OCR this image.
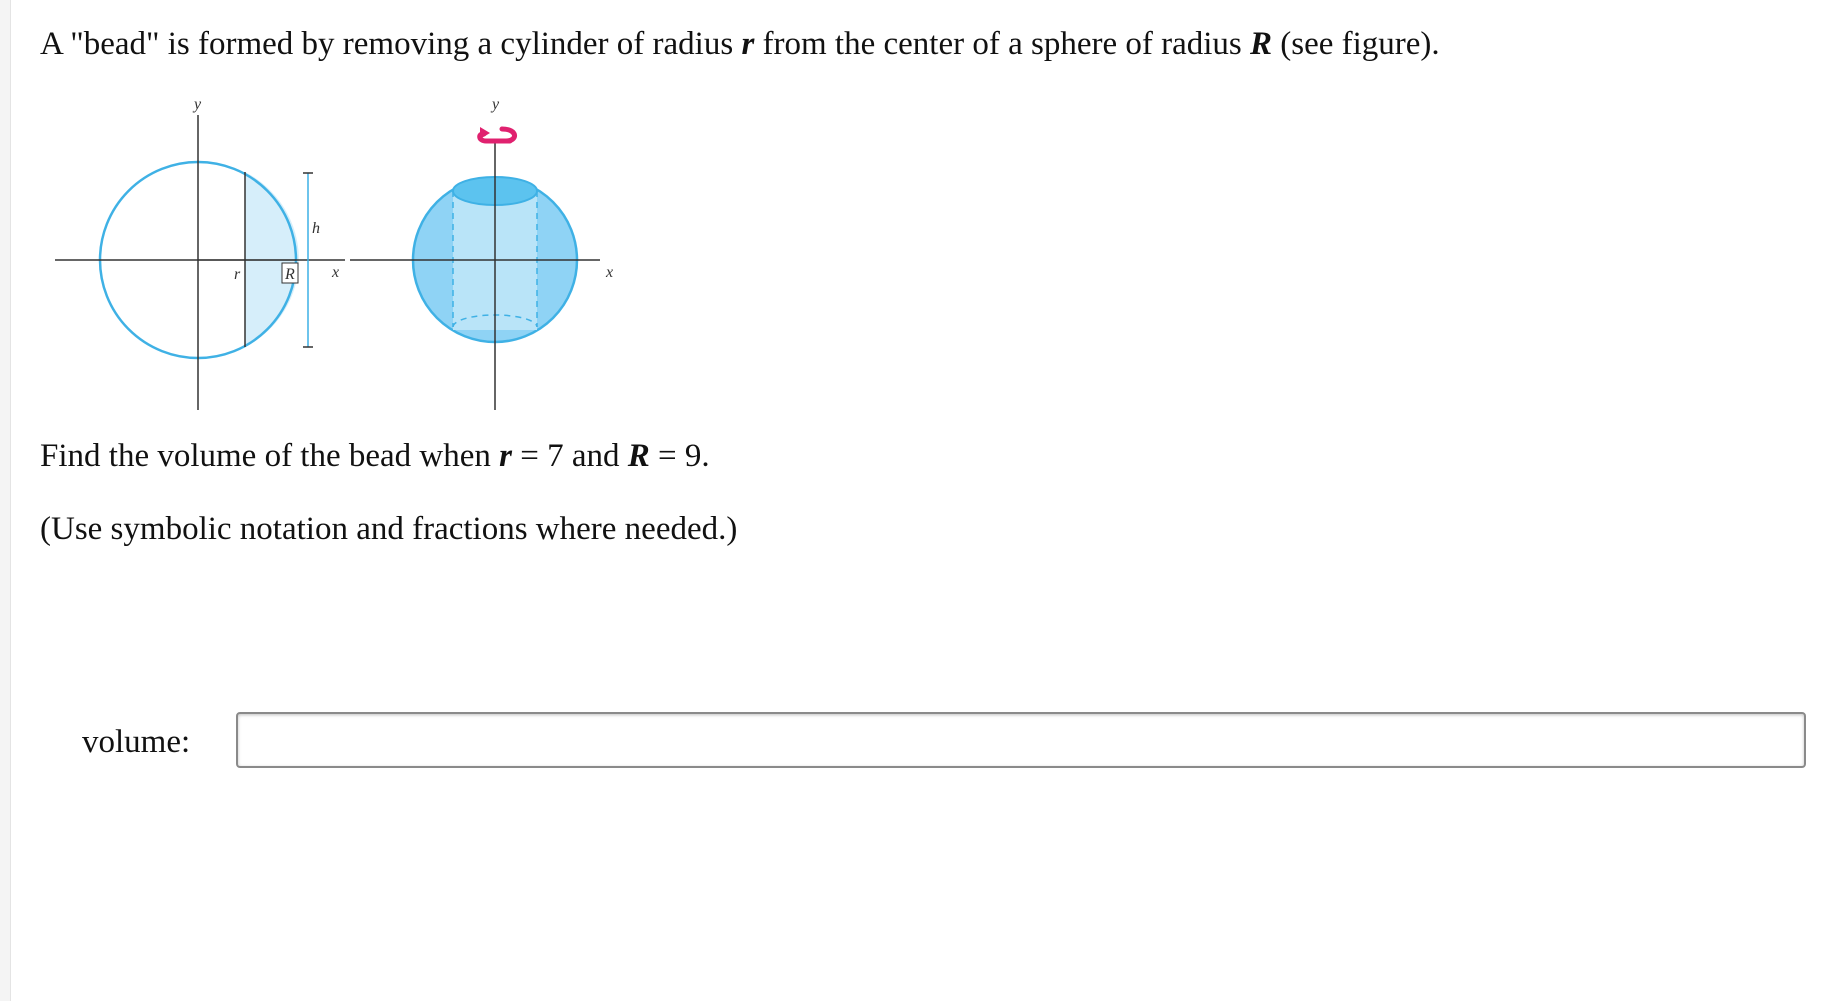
A "bead" is formed by removing a cylinder of radius r from the center of a sphere of radius R (see figure).

y
x
r	R
h
y
x

Find the volume of the bead when r = 7 and R = 9.

(Use symbolic notation and fractions where needed.)

volume:
